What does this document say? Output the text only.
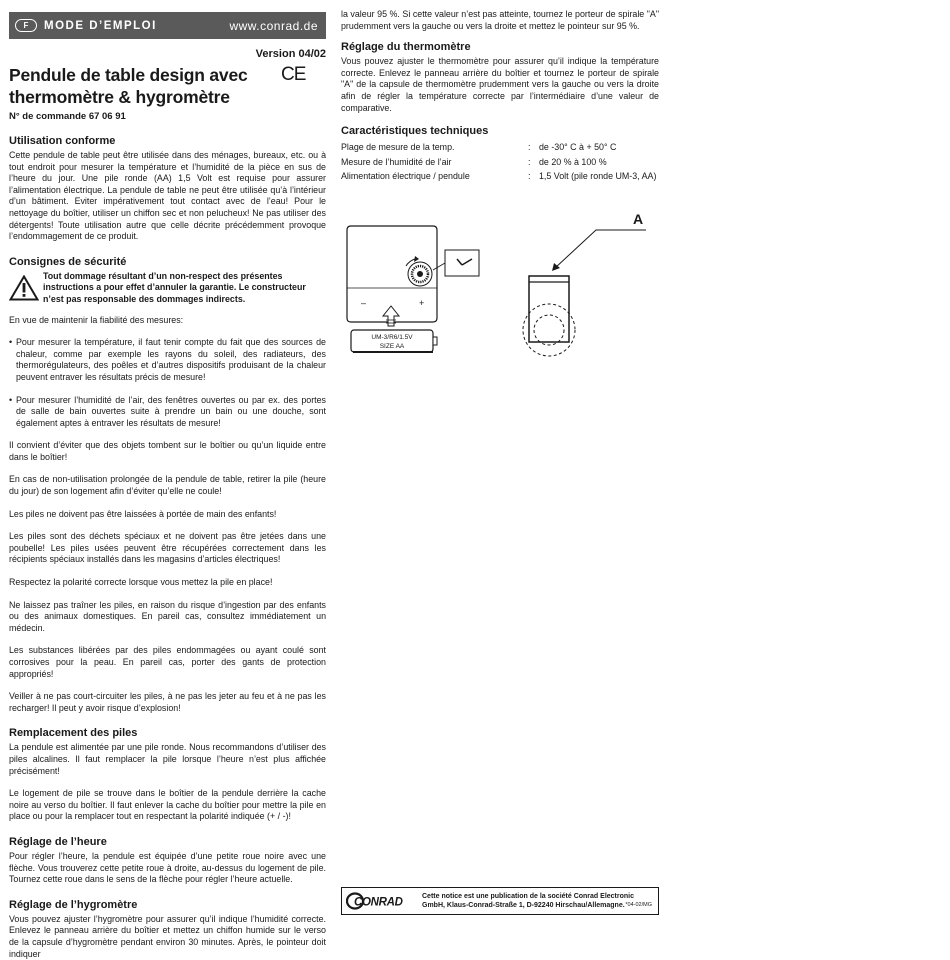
F	MODE D’EMPLOI	www.conrad.de
Version 04/02
Pendule de table design avec thermomètre & hygromètre
CE
N° de commande 67 06 91
Utilisation conforme

Cette pendule de table peut être utilisée dans des ménages, bureaux, etc. ou à tout endroit pour mesurer la température et l’humidité de la pièce en sus de l’heure du jour. Une pile ronde (AA) 1,5 Volt est requise pour assurer l’alimentation électrique. La pendule de table ne peut être utilisée qu’à l’intérieur d’un bâtiment. Eviter impérativement tout contact avec de l’eau! Pour le nettoyage du boîtier, utiliser un chiffon sec et non pelucheux! Ne pas utiliser des détergents! Toute utilisation autre que celle décrite précédemment provoque l’endommagement de ce produit.

Consignes de sécurité
Tout dommage résultant d’un non-respect des présentes instructions a pour effet d’annuler la garantie. Le constructeur n’est pas responsable des dommages indirects.

En vue de maintenir la fiabilité des mesures:

• Pour mesurer la température, il faut tenir compte du fait que des sources de chaleur, comme par exemple les rayons du soleil, des radiateurs, des thermorégulateurs, des poêles et d’autres dispositifs produisant de la chaleur peuvent entraver les résultats précis de mesure!

• Pour mesurer l’humidité de l’air, des fenêtres ouvertes ou par ex. des portes de salle de bain ouvertes suite à prendre un bain ou une douche, sont également aptes à entraver les résultats de mesure!

Il convient d’éviter que des objets tombent sur le boîtier ou qu’un liquide entre dans le boîtier!

En cas de non-utilisation prolongée de la pendule de table, retirer la pile (heure du jour) de son logement afin d’éviter qu’elle ne coule!

Les piles ne doivent pas être laissées à portée de main des enfants!

Les piles sont des déchets spéciaux et ne doivent pas être jetées dans une poubelle! Les piles usées peuvent être récupérées correctement dans les récipients spéciaux installés dans les magasins d’articles électriques!

Respectez la polarité correcte lorsque vous mettez la pile en place!

Ne laissez pas traîner les piles, en raison du risque d’ingestion par des enfants ou des animaux domestiques. En pareil cas, consultez immédiatement un médecin.

Les substances libérées par des piles endommagées ou ayant coulé sont corrosives pour la peau. En pareil cas, porter des gants de protection appropriés!

Veiller à ne pas court-circuiter les piles, à ne pas les jeter au feu et à ne pas les recharger! Il peut y avoir risque d’explosion!

Remplacement des piles

La pendule est alimentée par une pile ronde. Nous recommandons d’utiliser des piles alcalines. Il faut remplacer la pile lorsque l’heure n’est plus affichée précisément!

Le logement de pile se trouve dans le boîtier de la pendule derrière la cache noire au verso du boîtier. Il faut enlever la cache du boîtier pour mettre la pile en place ou pour la remplacer tout en respectant la polarité indiquée (+ / -)!

Réglage de l’heure

Pour régler l’heure, la pendule est équipée d’une petite roue noire avec une flèche. Vous trouverez cette petite roue à droite, au-dessus du logement de pile. Tournez cette roue dans le sens de la flèche pour régler l’heure actuelle.

Réglage de l’hygromètre

Vous pouvez ajuster l’hygromètre pour assurer qu’il indique l’humidité correcte. Enlevez le panneau arrière du boîtier et mettez un chiffon humide sur le verso de la capsule d’hygromètre pendant environ 30 minutes. Après, le pointeur doit indiquer

la valeur 95 %. Si cette valeur n’est pas atteinte, tournez le porteur de spirale "A" prudemment vers la gauche ou vers la droite et mettez le pointeur sur 95 %.

Réglage du thermomètre

Vous pouvez ajuster le thermomètre pour assurer qu’il indique la température correcte. Enlevez le panneau arrière du boîtier et tournez le porteur de spirale "A" de la capsule de thermomètre prudemment vers la gauche ou vers la droite afin de régler la température correcte par l’intermédiaire d’une valeur de comparative.

Caractéristiques techniques
Plage de mesure de la temp.	: de -30° C à + 50° C
Mesure de l’humidité de l’air	: de 20 % à 100 %
Alimentation électrique / pendule	: 1,5 Volt (pile ronde UM-3, AA)
–	+
UM-3/R6/1.5V
SIZE AA
A
CONRAD	Cette notice est une publication de la société Conrad Electronic GmbH, Klaus-Conrad-Straße 1, D-92240 Hirschau/Allemagne. *04-02/MG
